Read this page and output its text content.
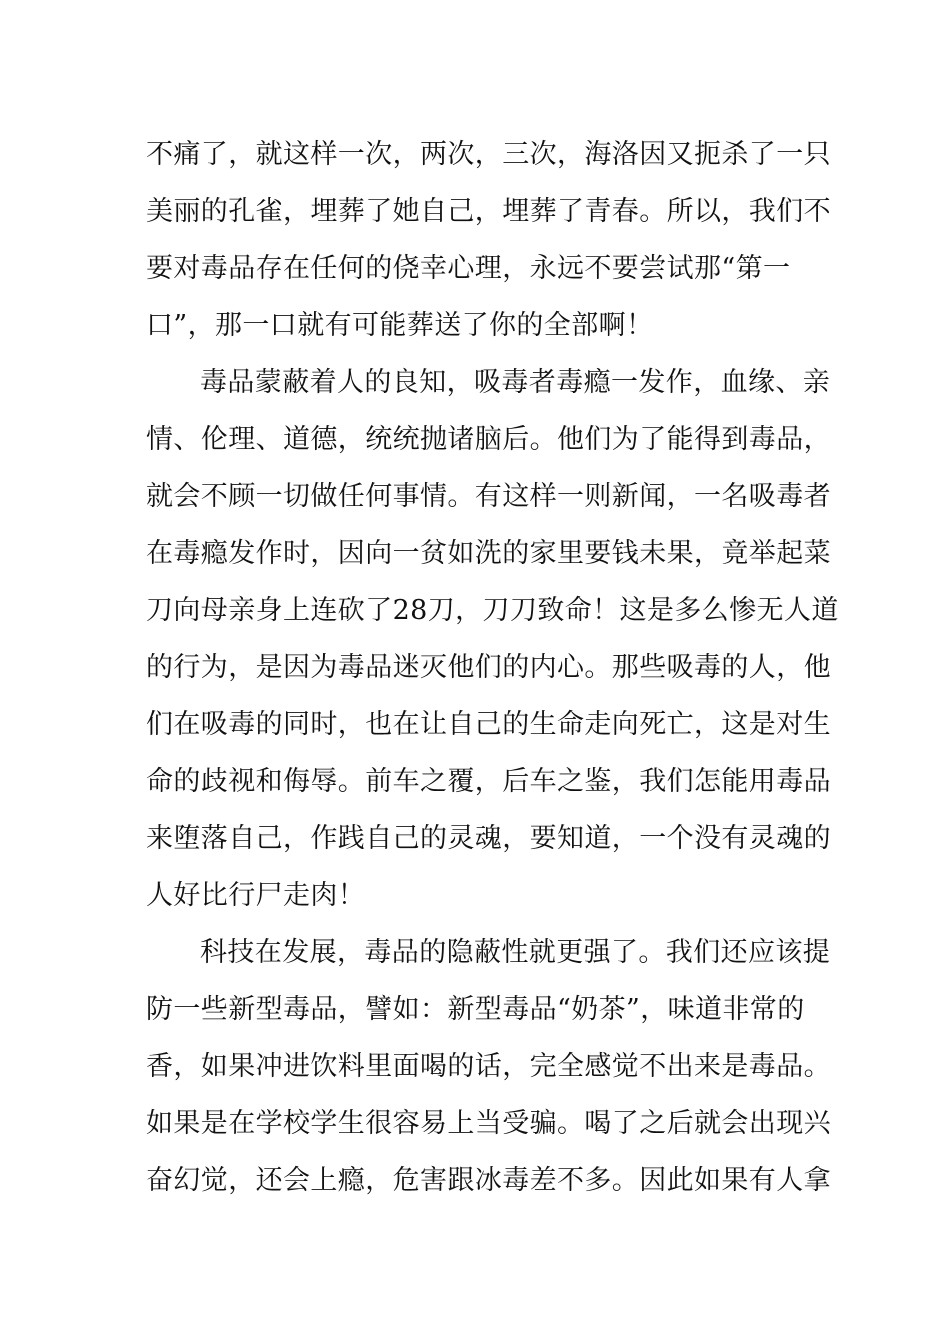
不痛了，就这样一次，两次，三次，海洛因又扼杀了一只
美丽的孔雀，埋葬了她自己，埋葬了青春。所以，我们不
要对毒品存在任何的侥幸心理，永远不要尝试那“第一
口”，那一口就有可能葬送了你的全部啊！
毒品蒙蔽着人的良知，吸毒者毒瘾一发作，血缘、亲
情、伦理、道德，统统抛诸脑后。他们为了能得到毒品，
就会不顾一切做任何事情。有这样一则新闻，一名吸毒者
在毒瘾发作时，因向一贫如洗的家里要钱未果，竟举起菜
刀向母亲身上连砍了28刀，刀刀致命！这是多么惨无人道
的行为，是因为毒品迷灭他们的内心。那些吸毒的人，他
们在吸毒的同时，也在让自己的生命走向死亡，这是对生
命的歧视和侮辱。前车之覆，后车之鉴，我们怎能用毒品
来堕落自己，作践自己的灵魂，要知道，一个没有灵魂的
人好比行尸走肉！
科技在发展，毒品的隐蔽性就更强了。我们还应该提
防一些新型毒品，譬如：新型毒品“奶茶”，味道非常的
香，如果冲进饮料里面喝的话，完全感觉不出来是毒品。
如果是在学校学生很容易上当受骗。喝了之后就会出现兴
奋幻觉，还会上瘾，危害跟冰毒差不多。因此如果有人拿
